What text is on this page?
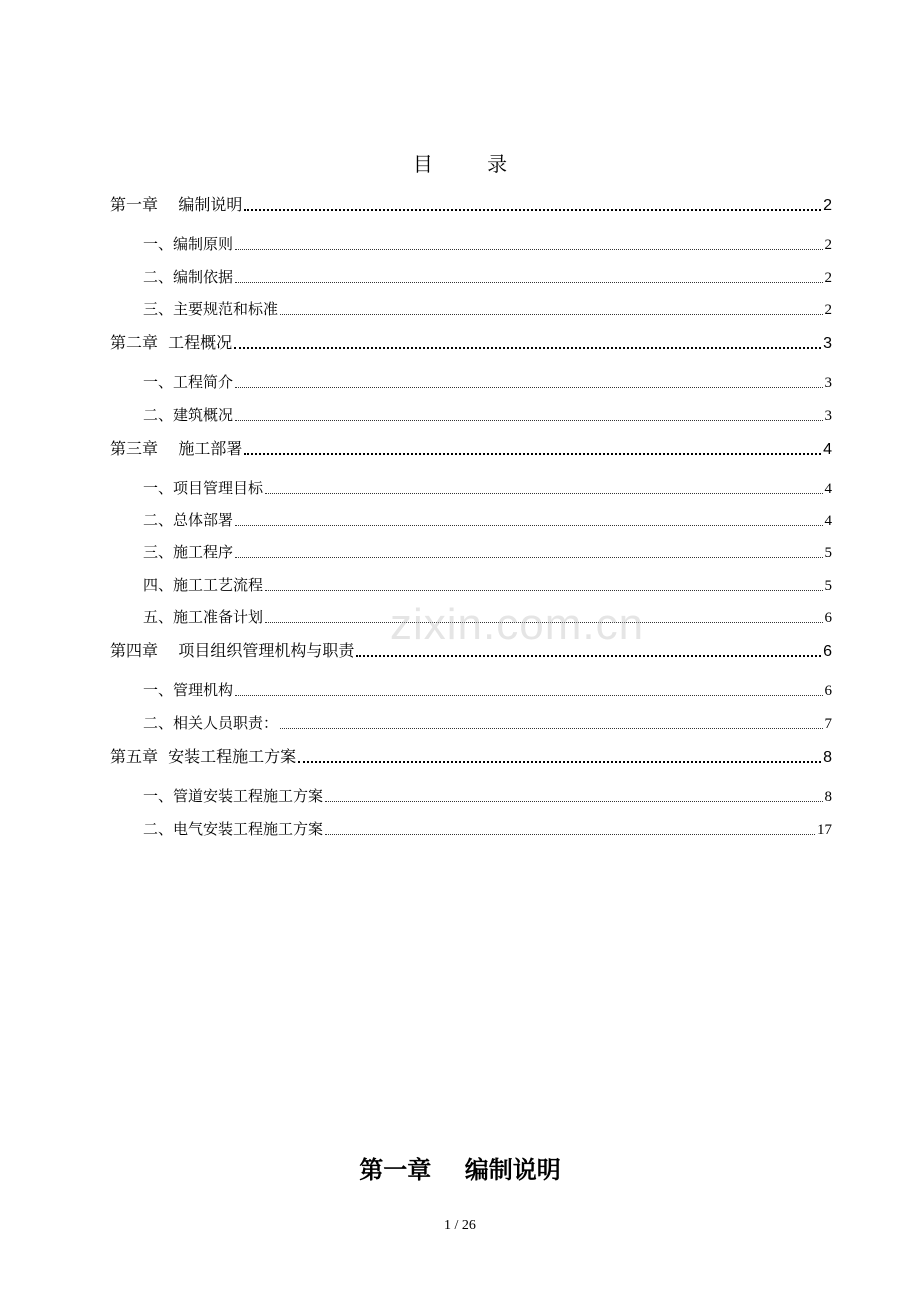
目 录
第一章    编制说明	2
一、编制原则	2
二、编制依据	2
三、主要规范和标准	2
第二章  工程概况	3
一、工程简介	3
二、建筑概况	3
第三章    施工部署	4
一、项目管理目标	4
二、总体部署	4
三、施工程序	5
四、施工工艺流程	5
五、施工准备计划	6
第四章    项目组织管理机构与职责	6
一、管理机构	6
二、相关人员职责：	7
第五章  安装工程施工方案	8
一、管道安装工程施工方案	8
二、电气安装工程施工方案	17
zixin.com.cn
第一章    编制说明
1 / 26
